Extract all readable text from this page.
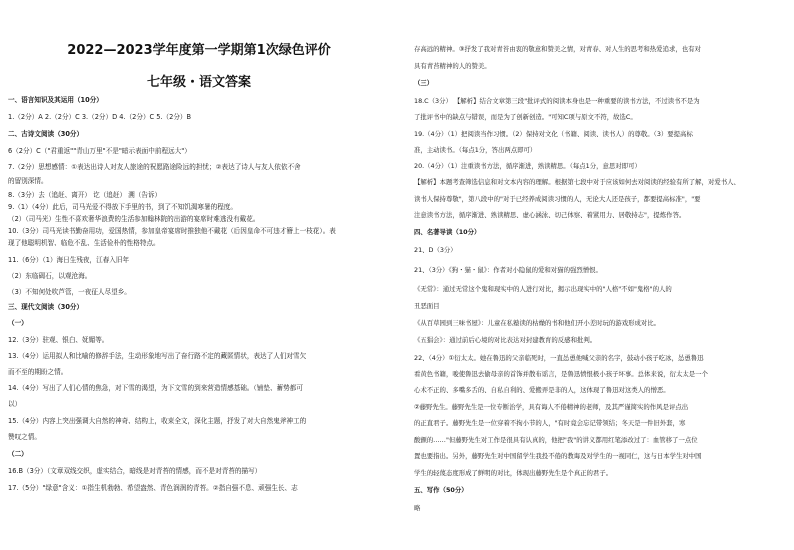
2022—2023学年度第一学期第1次绿色评价
七年级・语文答案
一、语言知识及其运用（10分）
1.（2分）A 2.（2分）C 3.（2分）D 4.（2分）C 5.（2分）B
二、古诗文阅读（30分）
6（2分）C（"君重返""青山万里"不是"暗示表面中前程远大"）
7.（2分）思想感情：①表达出诗人对友人旅途的祝愿路途险远的担忧；②表达了诗人与友人依依不舍
的留别深情。
8.（3分）去（追赶、离开） 讫（追赶） 溯（告诉）
9.（1）（4分）此后，司马光爱不得放下手里的书，到了不知饥渴寒暑的程度。
（2）（司马光）生性不喜欢奢华浪费的生活参加翰林院的出游的宴席时难逃没有戴花。
10.（3分）司马光读书勤奋用功，爱国热情，参加皇帝宴席时推独他不戴花（后因皇命不可违才簪上一枝花）。表
现了他聪明机智、临危不乱、生活俭朴的性格特点。
11.（6分）（1）海日生残夜，江春入旧年
（2）东临碣石，以观沧海。
（3）不知何处吹芦管，一夜征人尽望乡。
三、现代文阅读（30分）
（一）
12.（3分）驻观、银白、妩媚等。
13.（4分）运用拟人和比喻的修辞手法，生动形象地写出了奋行路不定的藏匿情状，表达了人们对雪欠
而不至的期盼之情。
14.（4分）写出了人们心情的焦急，对下雪的渴望，为下文雪的到来营造情感基础。（铺垫、蓄势都可
以）
15.（4分）内容上突出强调大自然的神奇、结构上，收束全文，深化主题，抒发了对大自然鬼斧神工的
赞叹之情。
（二）
16.B（3分）（文章双线交织，虚实结合，暗线是对青苔的情感，而不是对青苔的描写）
17.（5分）"绿意"含义：①指生机勃勃、希望盎然、青色润润的青苔。②指自强不息、顽强生长、志
存高远的精神。③抒发了我对青苔由衷的敬意和赞美之情，对青春、对人生的思考和热爱追求，也有对
具有青苔精神的人的赞美。
（三）
18.C（3分） 【解析】结合文章第三段"批评式的阅读本身也是一种重要的读书方法，不过读书不是为
了批评书中的缺点与错误，而是为了创新创造。"可知C项与原文不符，故选C。
19.（4分）（1）把阅读当作习惯。（2）保持对文化（书籍、阅读、读书人）的尊敬。（3）要提高标
准，主动读书。（每点1分，答出两点即可）
20.（4分）（1）注重读书方法，循序渐进，熟读精思。（每点1分，意思对即可）
【解析】本题考查筛选信息和对文本内容的理解。根据第七段中对于应该如何去对阅读的经验有所了解，对爱书人、
读书人保持尊敬"，第八段中的"对于已经养成阅读习惯的人，无论大人还是孩子，都要提高标准"，"要
注意读书方法，循序渐进、熟读精思、虚心涵泳、切己体察、着紧用力、居敬持志"，提炼作答。
四、名著导读（10分）
21、D（3分）
21、（3分）《狗・猫・鼠》：作者对小隐鼠的爱和对猫的强烈憎恨。
《无常》：通过无常这个鬼和现实中的人进行对比，揭示出现实中的"人格"不如"鬼格"的人的
丑恶面目
《从百草园到三味书屋》：儿童在私塾读的枯燥的书和他们开小差时玩的游戏形成对比。
《五猖会》：通过前后心境的对比表达对封建教育的反感和批判。
22、（4分）①衍太太。她在鲁迅的父亲临死时，一直怂恿他喊父亲的名字，鼓动小孩子吃冰，怂恿鲁迅
看黄色书籍，唆使鲁迅去偷母亲的首饰并散布谣言，是鲁迅愤恨极小孩子坏事。总体来说，衍太太是一个
心术不正的、多嘴多舌的、自私自利的、爱搬弄是非的人，这体现了鲁迅对这类人的憎恶。
②藤野先生。藤野先生是一位专断治学，具有诲人不倦精神的老师，及其严谨简实的作风是评点出
的正直君子。藤野先生是一位穿着不拘小节的人，"有时竟会忘记带领结；冬天是一件旧外套，寒
酸颤的……"但藤野先生对工作是很具有认真的，他把"我"的讲义都用红笔添改过了：血管移了一点位
置也要指出。另外，藤野先生对中国留学生我投不倦的教诲及对学生的一视同仁，这与日本学生对中国
学生的轻蔑态度形成了鲜明的对比，体现出藤野先生是个真正的君子。
五、写作（50分）
略
